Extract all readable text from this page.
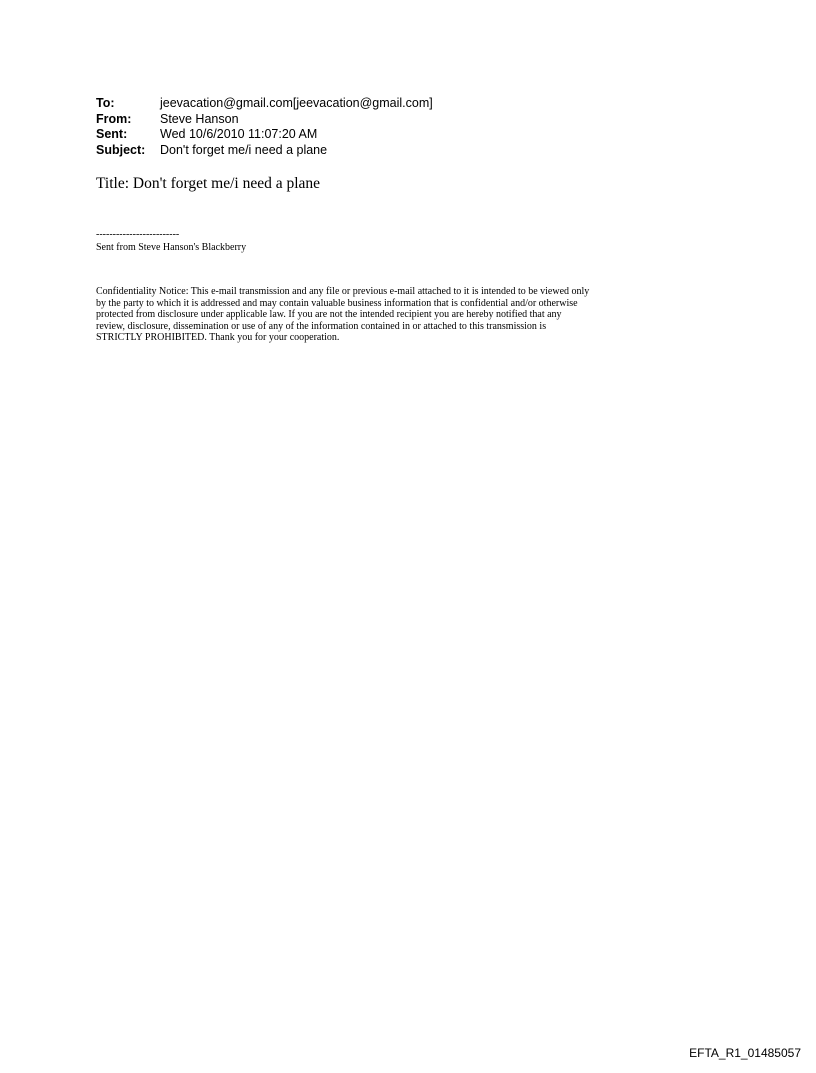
To:	jeevacation@gmail.com[jeevacation@gmail.com]
From:	Steve Hanson
Sent:	Wed 10/6/2010 11:07:20 AM
Subject:	Don't forget me/i need a plane
Title: Don't forget me/i need a plane
-------------------------
Sent from Steve Hanson's Blackberry
Confidentiality Notice: This e-mail transmission and any file or previous e-mail attached to it is intended to be viewed only
by the party to which it is addressed and may contain valuable business information that is confidential and/or otherwise
protected from disclosure under applicable law. If you are not the intended recipient you are hereby notified that any
review, disclosure, dissemination or use of any of the information contained in or attached to this transmission is
STRICTLY PROHIBITED. Thank you for your cooperation.
EFTA_R1_01485057
